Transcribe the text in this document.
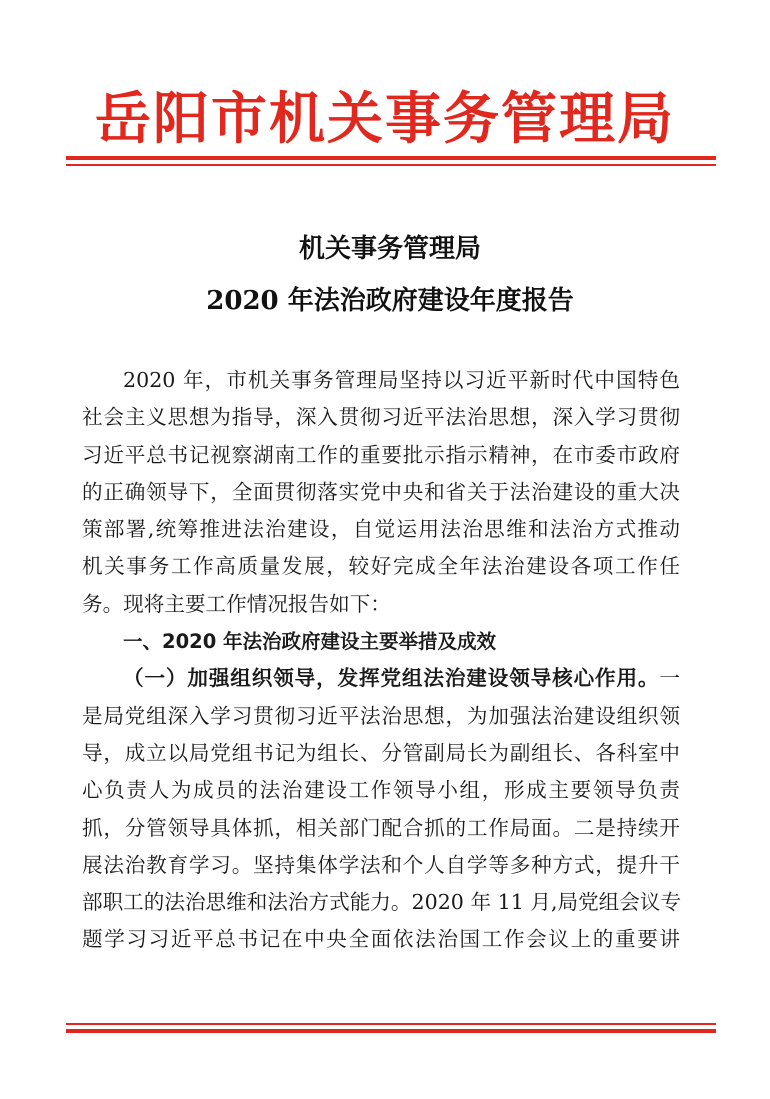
岳阳市机关事务管理局
机关事务管理局
2020 年法治政府建设年度报告
2020 年，市机关事务管理局坚持以习近平新时代中国特色
社会主义思想为指导，深入贯彻习近平法治思想，深入学习贯彻
习近平总书记视察湖南工作的重要批示指示精神，在市委市政府
的正确领导下，全面贯彻落实党中央和省关于法治建设的重大决
策部署,统筹推进法治建设，自觉运用法治思维和法治方式推动
机关事务工作高质量发展，较好完成全年法治建设各项工作任
务。现将主要工作情况报告如下：
一、2020 年法治政府建设主要举措及成效
（一）加强组织领导，发挥党组法治建设领导核心作用。一
是局党组深入学习贯彻习近平法治思想，为加强法治建设组织领
导，成立以局党组书记为组长、分管副局长为副组长、各科室中
心负责人为成员的法治建设工作领导小组，形成主要领导负责
抓，分管领导具体抓，相关部门配合抓的工作局面。二是持续开
展法治教育学习。坚持集体学法和个人自学等多种方式，提升干
部职工的法治思维和法治方式能力。2020 年 11 月,局党组会议专
题学习习近平总书记在中央全面依法治国工作会议上的重要讲
